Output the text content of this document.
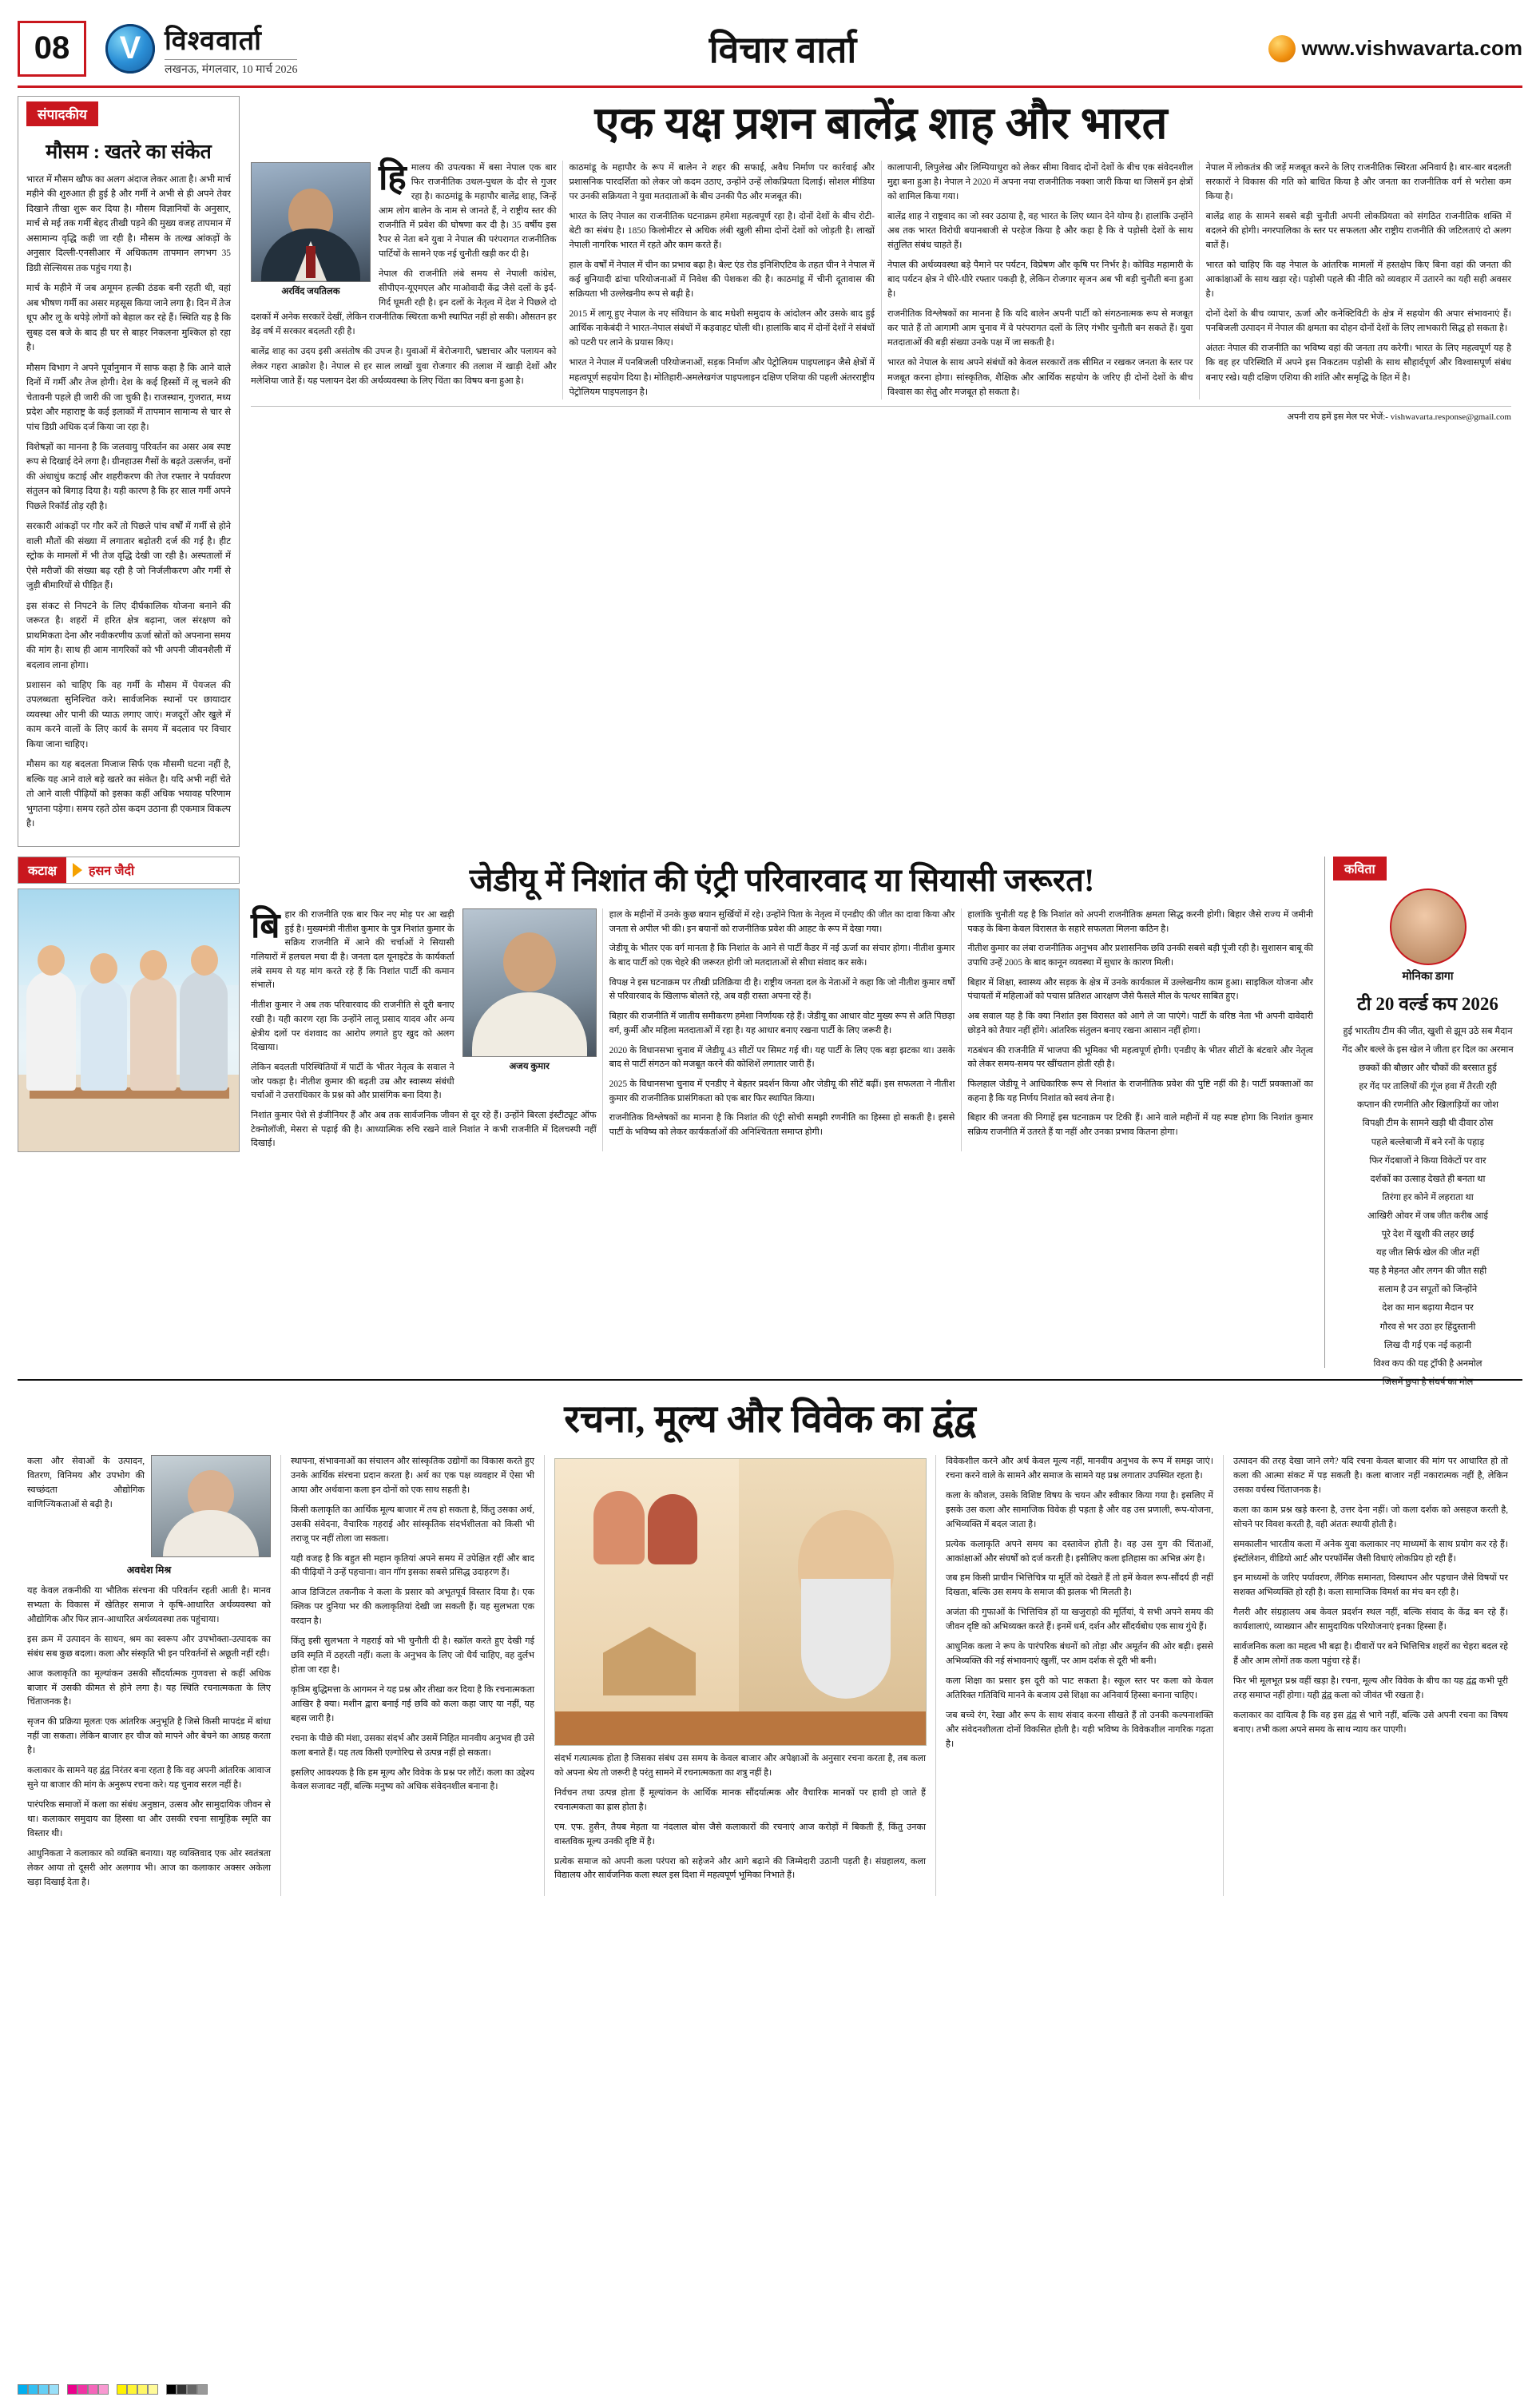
08 V विश्ववार्ता
लखनऊ, मंगलवार, 10 मार्च 2026	विचार वार्ता	www.vishwavarta.com
संपादकीय
मौसम : खतरे का संकेत

भारत में मौसम खौफ का अलग अंदाज लेकर आता है। अभी मार्च महीने की शुरुआत ही हुई है और गर्मी ने अभी से ही अपने तेवर दिखाने तीखा शुरू कर दिया है। मौसम विज्ञानियों के अनुसार, मार्च से मई तक गर्मी बेहद तीखी पड़ने की मुख्य वजह तापमान में असामान्य वृद्धि कही जा रही है। मौसम के तल्ख आंकड़ों के अनुसार दिल्ली-एनसीआर में अधिकतम तापमान लगभग 35 डिग्री सेल्सियस तक पहुंच गया है।

मार्च के महीने में जब अमूमन हल्की ठंडक बनी रहती थी, वहां अब भीषण गर्मी का असर महसूस किया जाने लगा है। दिन में तेज धूप और लू के थपेड़े लोगों को बेहाल कर रहे हैं। स्थिति यह है कि सुबह दस बजे के बाद ही घर से बाहर निकलना मुश्किल हो रहा है।

मौसम विभाग ने अपने पूर्वानुमान में साफ कहा है कि आने वाले दिनों में गर्मी और तेज होगी। देश के कई हिस्सों में लू चलने की चेतावनी पहले ही जारी की जा चुकी है। राजस्थान, गुजरात, मध्य प्रदेश और महाराष्ट्र के कई इलाकों में तापमान सामान्य से चार से पांच डिग्री अधिक दर्ज किया जा रहा है।

विशेषज्ञों का मानना है कि जलवायु परिवर्तन का असर अब स्पष्ट रूप से दिखाई देने लगा है। ग्रीनहाउस गैसों के बढ़ते उत्सर्जन, वनों की अंधाधुंध कटाई और शहरीकरण की तेज रफ्तार ने पर्यावरण संतुलन को बिगाड़ दिया है। यही कारण है कि हर साल गर्मी अपने पिछले रिकॉर्ड तोड़ रही है।

सरकारी आंकड़ों पर गौर करें तो पिछले पांच वर्षों में गर्मी से होने वाली मौतों की संख्या में लगातार बढ़ोतरी दर्ज की गई है। हीट स्ट्रोक के मामलों में भी तेज वृद्धि देखी जा रही है। अस्पतालों में ऐसे मरीजों की संख्या बढ़ रही है जो निर्जलीकरण और गर्मी से जुड़ी बीमारियों से पीड़ित हैं।

इस संकट से निपटने के लिए दीर्घकालिक योजना बनाने की जरूरत है। शहरों में हरित क्षेत्र बढ़ाना, जल संरक्षण को प्राथमिकता देना और नवीकरणीय ऊर्जा स्रोतों को अपनाना समय की मांग है। साथ ही आम नागरिकों को भी अपनी जीवनशैली में बदलाव लाना होगा।

प्रशासन को चाहिए कि वह गर्मी के मौसम में पेयजल की उपलब्धता सुनिश्चित करे। सार्वजनिक स्थानों पर छायादार व्यवस्था और पानी की प्याऊ लगाए जाएं। मजदूरों और खुले में काम करने वालों के लिए कार्य के समय में बदलाव पर विचार किया जाना चाहिए।

मौसम का यह बदलता मिजाज सिर्फ एक मौसमी घटना नहीं है, बल्कि यह आने वाले बड़े खतरे का संकेत है। यदि अभी नहीं चेते तो आने वाली पीढ़ियों को इसका कहीं अधिक भयावह परिणाम भुगतना पड़ेगा। समय रहते ठोस कदम उठाना ही एकमात्र विकल्प है।

एक यक्ष प्रशन बालेंद्र शाह और भारत
अरविंद जयतिलक

हिमालय की उपत्यका में बसा नेपाल एक बार फिर राजनीतिक उथल-पुथल के दौर से गुजर रहा है। काठमांडू के महापौर बालेंद्र शाह, जिन्हें आम लोग बालेन के नाम से जानते हैं, ने राष्ट्रीय स्तर की राजनीति में प्रवेश की घोषणा कर दी है। 35 वर्षीय इस रैपर से नेता बने युवा ने नेपाल की परंपरागत राजनीतिक पार्टियों के सामने एक नई चुनौती खड़ी कर दी है।

नेपाल की राजनीति लंबे समय से नेपाली कांग्रेस, सीपीएन-यूएमएल और माओवादी केंद्र जैसे दलों के इर्द-गिर्द घूमती रही है। इन दलों के नेतृत्व में देश ने पिछले दो दशकों में अनेक सरकारें देखीं, लेकिन राजनीतिक स्थिरता कभी स्थापित नहीं हो सकी। औसतन हर डेढ़ वर्ष में सरकार बदलती रही है।

बालेंद्र शाह का उदय इसी असंतोष की उपज है। युवाओं में बेरोजगारी, भ्रष्टाचार और पलायन को लेकर गहरा आक्रोश है। नेपाल से हर साल लाखों युवा रोजगार की तलाश में खाड़ी देशों और मलेशिया जाते हैं। यह पलायन देश की अर्थव्यवस्था के लिए चिंता का विषय बना हुआ है।

काठमांडू के महापौर के रूप में बालेन ने शहर की सफाई, अवैध निर्माण पर कार्रवाई और प्रशासनिक पारदर्शिता को लेकर जो कदम उठाए, उन्होंने उन्हें लोकप्रियता दिलाई। सोशल मीडिया पर उनकी सक्रियता ने युवा मतदाताओं के बीच उनकी पैठ और मजबूत की।

भारत के लिए नेपाल का राजनीतिक घटनाक्रम हमेशा महत्वपूर्ण रहा है। दोनों देशों के बीच रोटी-बेटी का संबंध है। 1850 किलोमीटर से अधिक लंबी खुली सीमा दोनों देशों को जोड़ती है। लाखों नेपाली नागरिक भारत में रहते और काम करते हैं।

हाल के वर्षों में नेपाल में चीन का प्रभाव बढ़ा है। बेल्ट एंड रोड इनिशिएटिव के तहत चीन ने नेपाल में कई बुनियादी ढांचा परियोजनाओं में निवेश की पेशकश की है। काठमांडू में चीनी दूतावास की सक्रियता भी उल्लेखनीय रूप से बढ़ी है।

2015 में लागू हुए नेपाल के नए संविधान के बाद मधेशी समुदाय के आंदोलन और उसके बाद हुई आर्थिक नाकेबंदी ने भारत-नेपाल संबंधों में कड़वाहट घोली थी। हालांकि बाद में दोनों देशों ने संबंधों को पटरी पर लाने के प्रयास किए।

भारत ने नेपाल में पनबिजली परियोजनाओं, सड़क निर्माण और पेट्रोलियम पाइपलाइन जैसे क्षेत्रों में महत्वपूर्ण सहयोग दिया है। मोतिहारी-अमलेखगंज पाइपलाइन दक्षिण एशिया की पहली अंतरराष्ट्रीय पेट्रोलियम पाइपलाइन है।

कालापानी, लिपुलेख और लिम्पियाधुरा को लेकर सीमा विवाद दोनों देशों के बीच एक संवेदनशील मुद्दा बना हुआ है। नेपाल ने 2020 में अपना नया राजनीतिक नक्शा जारी किया था जिसमें इन क्षेत्रों को शामिल किया गया।

बालेंद्र शाह ने राष्ट्रवाद का जो स्वर उठाया है, वह भारत के लिए ध्यान देने योग्य है। हालांकि उन्होंने अब तक भारत विरोधी बयानबाजी से परहेज किया है और कहा है कि वे पड़ोसी देशों के साथ संतुलित संबंध चाहते हैं।

नेपाल की अर्थव्यवस्था बड़े पैमाने पर पर्यटन, विप्रेषण और कृषि पर निर्भर है। कोविड महामारी के बाद पर्यटन क्षेत्र ने धीरे-धीरे रफ्तार पकड़ी है, लेकिन रोजगार सृजन अब भी बड़ी चुनौती बना हुआ है।

राजनीतिक विश्लेषकों का मानना है कि यदि बालेन अपनी पार्टी को संगठनात्मक रूप से मजबूत कर पाते हैं तो आगामी आम चुनाव में वे परंपरागत दलों के लिए गंभीर चुनौती बन सकते हैं। युवा मतदाताओं की बड़ी संख्या उनके पक्ष में जा सकती है।

भारत को नेपाल के साथ अपने संबंधों को केवल सरकारों तक सीमित न रखकर जनता के स्तर पर मजबूत करना होगा। सांस्कृतिक, शैक्षिक और आर्थिक सहयोग के जरिए ही दोनों देशों के बीच विश्वास का सेतु और मजबूत हो सकता है।

नेपाल में लोकतंत्र की जड़ें मजबूत करने के लिए राजनीतिक स्थिरता अनिवार्य है। बार-बार बदलती सरकारों ने विकास की गति को बाधित किया है और जनता का राजनीतिक वर्ग से भरोसा कम किया है।

बालेंद्र शाह के सामने सबसे बड़ी चुनौती अपनी लोकप्रियता को संगठित राजनीतिक शक्ति में बदलने की होगी। नगरपालिका के स्तर पर सफलता और राष्ट्रीय राजनीति की जटिलताएं दो अलग बातें हैं।

भारत को चाहिए कि वह नेपाल के आंतरिक मामलों में हस्तक्षेप किए बिना वहां की जनता की आकांक्षाओं के साथ खड़ा रहे। पड़ोसी पहले की नीति को व्यवहार में उतारने का यही सही अवसर है।

दोनों देशों के बीच व्यापार, ऊर्जा और कनेक्टिविटी के क्षेत्र में सहयोग की अपार संभावनाएं हैं। पनबिजली उत्पादन में नेपाल की क्षमता का दोहन दोनों देशों के लिए लाभकारी सिद्ध हो सकता है।

अंततः नेपाल की राजनीति का भविष्य वहां की जनता तय करेगी। भारत के लिए महत्वपूर्ण यह है कि वह हर परिस्थिति में अपने इस निकटतम पड़ोसी के साथ सौहार्दपूर्ण और विश्वासपूर्ण संबंध बनाए रखे। यही दक्षिण एशिया की शांति और समृद्धि के हित में है।

अपनी राय हमें इस मेल पर भेजें:- vishwavarta.response@gmail.com
कटाक्ष	हसन जैदी	जेडीयू में निशांत की एंट्री परिवारवाद या सियासी जरूरत!
अजय कुमार

बिहार की राजनीति एक बार फिर नए मोड़ पर आ खड़ी हुई है। मुख्यमंत्री नीतीश कुमार के पुत्र निशांत कुमार के सक्रिय राजनीति में आने की चर्चाओं ने सियासी गलियारों में हलचल मचा दी है। जनता दल यूनाइटेड के कार्यकर्ता लंबे समय से यह मांग करते रहे हैं कि निशांत पार्टी की कमान संभालें।

नीतीश कुमार ने अब तक परिवारवाद की राजनीति से दूरी बनाए रखी है। यही कारण रहा कि उन्होंने लालू प्रसाद यादव और अन्य क्षेत्रीय दलों पर वंशवाद का आरोप लगाते हुए खुद को अलग दिखाया।

लेकिन बदलती परिस्थितियों में पार्टी के भीतर नेतृत्व के सवाल ने जोर पकड़ा है। नीतीश कुमार की बढ़ती उम्र और स्वास्थ्य संबंधी चर्चाओं ने उत्तराधिकार के प्रश्न को और प्रासंगिक बना दिया है।

निशांत कुमार पेशे से इंजीनियर हैं और अब तक सार्वजनिक जीवन से दूर रहे हैं। उन्होंने बिरला इंस्टीट्यूट ऑफ टेक्नोलॉजी, मेसरा से पढ़ाई की है। आध्यात्मिक रुचि रखने वाले निशांत ने कभी राजनीति में दिलचस्पी नहीं दिखाई।

हाल के महीनों में उनके कुछ बयान सुर्खियों में रहे। उन्होंने पिता के नेतृत्व में एनडीए की जीत का दावा किया और जनता से अपील भी की। इन बयानों को राजनीतिक प्रवेश की आहट के रूप में देखा गया।

जेडीयू के भीतर एक वर्ग मानता है कि निशांत के आने से पार्टी कैडर में नई ऊर्जा का संचार होगा। नीतीश कुमार के बाद पार्टी को एक चेहरे की जरूरत होगी जो मतदाताओं से सीधा संवाद कर सके।

विपक्ष ने इस घटनाक्रम पर तीखी प्रतिक्रिया दी है। राष्ट्रीय जनता दल के नेताओं ने कहा कि जो नीतीश कुमार वर्षों से परिवारवाद के खिलाफ बोलते रहे, अब वही रास्ता अपना रहे हैं।

बिहार की राजनीति में जातीय समीकरण हमेशा निर्णायक रहे हैं। जेडीयू का आधार वोट मुख्य रूप से अति पिछड़ा वर्ग, कुर्मी और महिला मतदाताओं में रहा है। यह आधार बनाए रखना पार्टी के लिए जरूरी है।

2020 के विधानसभा चुनाव में जेडीयू 43 सीटों पर सिमट गई थी। यह पार्टी के लिए एक बड़ा झटका था। उसके बाद से पार्टी संगठन को मजबूत करने की कोशिशें लगातार जारी हैं।

2025 के विधानसभा चुनाव में एनडीए ने बेहतर प्रदर्शन किया और जेडीयू की सीटें बढ़ीं। इस सफलता ने नीतीश कुमार की राजनीतिक प्रासंगिकता को एक बार फिर स्थापित किया।

राजनीतिक विश्लेषकों का मानना है कि निशांत की एंट्री सोची समझी रणनीति का हिस्सा हो सकती है। इससे पार्टी के भविष्य को लेकर कार्यकर्ताओं की अनिश्चितता समाप्त होगी।

हालांकि चुनौती यह है कि निशांत को अपनी राजनीतिक क्षमता सिद्ध करनी होगी। बिहार जैसे राज्य में जमीनी पकड़ के बिना केवल विरासत के सहारे सफलता मिलना कठिन है।

नीतीश कुमार का लंबा राजनीतिक अनुभव और प्रशासनिक छवि उनकी सबसे बड़ी पूंजी रही है। सुशासन बाबू की उपाधि उन्हें 2005 के बाद कानून व्यवस्था में सुधार के कारण मिली।

बिहार में शिक्षा, स्वास्थ्य और सड़क के क्षेत्र में उनके कार्यकाल में उल्लेखनीय काम हुआ। साइकिल योजना और पंचायतों में महिलाओं को पचास प्रतिशत आरक्षण जैसे फैसले मील के पत्थर साबित हुए।

अब सवाल यह है कि क्या निशांत इस विरासत को आगे ले जा पाएंगे। पार्टी के वरिष्ठ नेता भी अपनी दावेदारी छोड़ने को तैयार नहीं होंगे। आंतरिक संतुलन बनाए रखना आसान नहीं होगा।

गठबंधन की राजनीति में भाजपा की भूमिका भी महत्वपूर्ण होगी। एनडीए के भीतर सीटों के बंटवारे और नेतृत्व को लेकर समय-समय पर खींचतान होती रही है।

फिलहाल जेडीयू ने आधिकारिक रूप से निशांत के राजनीतिक प्रवेश की पुष्टि नहीं की है। पार्टी प्रवक्ताओं का कहना है कि यह निर्णय निशांत को स्वयं लेना है।

बिहार की जनता की निगाहें इस घटनाक्रम पर टिकी हैं। आने वाले महीनों में यह स्पष्ट होगा कि निशांत कुमार सक्रिय राजनीति में उतरते हैं या नहीं और उनका प्रभाव कितना होगा।

कविता
मोनिका डागा
टी 20 वर्ल्ड कप 2026
हुई भारतीय टीम की जीत, खुशी से झूम उठे सब मैदान
गेंद और बल्ले के इस खेल ने जीता हर दिल का अरमान
छक्कों की बौछार और चौकों की बरसात हुई
हर गेंद पर तालियों की गूंज हवा में तैरती रही
कप्तान की रणनीति और खिलाड़ियों का जोश
विपक्षी टीम के सामने खड़ी थी दीवार ठोस
पहले बल्लेबाजी में बने रनों के पहाड़
फिर गेंदबाजों ने किया विकेटों पर वार
दर्शकों का उत्साह देखते ही बनता था
तिरंगा हर कोने में लहराता था
आखिरी ओवर में जब जीत करीब आई
पूरे देश में खुशी की लहर छाई
यह जीत सिर्फ खेल की जीत नहीं
यह है मेहनत और लगन की जीत सही
सलाम है उन सपूतों को जिन्होंने
देश का मान बढ़ाया मैदान पर
गौरव से भर उठा हर हिंदुस्तानी
लिख दी गई एक नई कहानी
विश्व कप की यह ट्रॉफी है अनमोल
जिसमें छुपा है संघर्ष का मोल
रचना, मूल्य और विवेक का द्वंद्व

कला और सेवाओं के उत्पादन, वितरण, विनिमय और उपभोग की स्वच्छंदता औद्योगिक वाणिज्यिकताओं से बढ़ी है।

अवधेश मिश्र

यह केवल तकनीकी या भौतिक संरचना की परिवर्तन रहती आती है। मानव सभ्यता के विकास में खेतिहर समाज ने कृषि-आधारित अर्थव्यवस्था को औद्योगिक और फिर ज्ञान-आधारित अर्थव्यवस्था तक पहुंचाया।

इस क्रम में उत्पादन के साधन, श्रम का स्वरूप और उपभोक्ता-उत्पादक का संबंध सब कुछ बदला। कला और संस्कृति भी इन परिवर्तनों से अछूती नहीं रही।

आज कलाकृति का मूल्यांकन उसकी सौंदर्यात्मक गुणवत्ता से कहीं अधिक बाजार में उसकी कीमत से होने लगा है। यह स्थिति रचनात्मकता के लिए चिंताजनक है।

सृजन की प्रक्रिया मूलतः एक आंतरिक अनुभूति है जिसे किसी मापदंड में बांधा नहीं जा सकता। लेकिन बाजार हर चीज को मापने और बेचने का आग्रह करता है।

कलाकार के सामने यह द्वंद्व निरंतर बना रहता है कि वह अपनी आंतरिक आवाज सुने या बाजार की मांग के अनुरूप रचना करे। यह चुनाव सरल नहीं है।

पारंपरिक समाजों में कला का संबंध अनुष्ठान, उत्सव और सामुदायिक जीवन से था। कलाकार समुदाय का हिस्सा था और उसकी रचना सामूहिक स्मृति का विस्तार थी।

आधुनिकता ने कलाकार को व्यक्ति बनाया। यह व्यक्तिवाद एक ओर स्वतंत्रता लेकर आया तो दूसरी ओर अलगाव भी। आज का कलाकार अक्सर अकेला खड़ा दिखाई देता है।

स्थापना, संभावनाओं का संचालन और सांस्कृतिक उद्योगों का विकास करते हुए उनके आर्थिक संरचना प्रदान करता है। अर्थ का एक पक्ष व्यवहार में ऐसा भी आया और अर्थवाना कला इन दोनों को एक साथ सहती है।

किसी कलाकृति का आर्थिक मूल्य बाजार में तय हो सकता है, किंतु उसका अर्थ, उसकी संवेदना, वैचारिक गहराई और सांस्कृतिक संदर्भशीलता को किसी भी तराजू पर नहीं तोला जा सकता।

यही वजह है कि बहुत सी महान कृतियां अपने समय में उपेक्षित रहीं और बाद की पीढ़ियों ने उन्हें पहचाना। वान गॉग इसका सबसे प्रसिद्ध उदाहरण हैं।

आज डिजिटल तकनीक ने कला के प्रसार को अभूतपूर्व विस्तार दिया है। एक क्लिक पर दुनिया भर की कलाकृतियां देखी जा सकती हैं। यह सुलभता एक वरदान है।

किंतु इसी सुलभता ने गहराई को भी चुनौती दी है। स्क्रॉल करते हुए देखी गई छवि स्मृति में ठहरती नहीं। कला के अनुभव के लिए जो धैर्य चाहिए, वह दुर्लभ होता जा रहा है।

कृत्रिम बुद्धिमत्ता के आगमन ने यह प्रश्न और तीखा कर दिया है कि रचनात्मकता आखिर है क्या। मशीन द्वारा बनाई गई छवि को कला कहा जाए या नहीं, यह बहस जारी है।

रचना के पीछे की मंशा, उसका संदर्भ और उसमें निहित मानवीय अनुभव ही उसे कला बनाते हैं। यह तत्व किसी एल्गोरिद्म से उत्पन्न नहीं हो सकता।

इसलिए आवश्यक है कि हम मूल्य और विवेक के प्रश्न पर लौटें। कला का उद्देश्य केवल सजावट नहीं, बल्कि मनुष्य को अधिक संवेदनशील बनाना है।

संदर्भ गत्यात्मक होता है जिसका संबंध उस समय के केवल बाजार और अपेक्षाओं के अनुसार रचना करता है, तब कला को अपना श्रेय तो जरूरी है परंतु सामने में रचनात्मकता का शत्रु नहीं है।

निर्वचन तथा उत्पन्न होता हैं मूल्यांकन के आर्थिक मानक सौंदर्यात्मक और वैचारिक मानकों पर हावी हो जाते हैं रचनात्मकता का ह्रास होता है।

एम. एफ. हुसैन, तैयब मेहता या नंदलाल बोस जैसे कलाकारों की रचनाएं आज करोड़ों में बिकती हैं, किंतु उनका वास्तविक मूल्य उनकी दृष्टि में है।

प्रत्येक समाज को अपनी कला परंपरा को सहेजने और आगे बढ़ाने की जिम्मेदारी उठानी पड़ती है। संग्रहालय, कला विद्यालय और सार्वजनिक कला स्थल इस दिशा में महत्वपूर्ण भूमिका निभाते हैं।

विवेकशील करने और अर्थ केवल मूल्य नहीं, मानवीय अनुभव के रूप में समझ जाएं। रचना करने वाले के सामने और समाज के सामने यह प्रश्न लगातार उपस्थित रहता है।

कला के कौशल, उसके विशिष्ट विषय के चयन और स्वीकार किया गया है। इसलिए में इसके उस कला और सामाजिक विवेक ही पड़ता है और वह उस प्रणाली, रूप-योजना, अभिव्यक्ति में बदल जाता है।

प्रत्येक कलाकृति अपने समय का दस्तावेज होती है। वह उस युग की चिंताओं, आकांक्षाओं और संघर्षों को दर्ज करती है। इसीलिए कला इतिहास का अभिन्न अंग है।

जब हम किसी प्राचीन भित्तिचित्र या मूर्ति को देखते हैं तो हमें केवल रूप-सौंदर्य ही नहीं दिखता, बल्कि उस समय के समाज की झलक भी मिलती है।

अजंता की गुफाओं के भित्तिचित्र हों या खजुराहो की मूर्तियां, ये सभी अपने समय की जीवन दृष्टि को अभिव्यक्त करते हैं। इनमें धर्म, दर्शन और सौंदर्यबोध एक साथ गुंथे हैं।

आधुनिक कला ने रूप के पारंपरिक बंधनों को तोड़ा और अमूर्तन की ओर बढ़ी। इससे अभिव्यक्ति की नई संभावनाएं खुलीं, पर आम दर्शक से दूरी भी बनी।

कला शिक्षा का प्रसार इस दूरी को पाट सकता है। स्कूल स्तर पर कला को केवल अतिरिक्त गतिविधि मानने के बजाय उसे शिक्षा का अनिवार्य हिस्सा बनाना चाहिए।

जब बच्चे रंग, रेखा और रूप के साथ संवाद करना सीखते हैं तो उनकी कल्पनाशक्ति और संवेदनशीलता दोनों विकसित होती है। यही भविष्य के विवेकशील नागरिक गढ़ता है।

उत्पादन की तरह देखा जाने लगे? यदि रचना केवल बाजार की मांग पर आधारित हो तो कला की आत्मा संकट में पड़ सकती है। कला बाजार नहीं नकारात्मक नहीं है, लेकिन उसका वर्चस्व चिंताजनक है।

कला का काम प्रश्न खड़े करना है, उत्तर देना नहीं। जो कला दर्शक को असहज करती है, सोचने पर विवश करती है, वही अंततः स्थायी होती है।

समकालीन भारतीय कला में अनेक युवा कलाकार नए माध्यमों के साथ प्रयोग कर रहे हैं। इंस्टॉलेशन, वीडियो आर्ट और परफॉर्मेंस जैसी विधाएं लोकप्रिय हो रही हैं।

इन माध्यमों के जरिए पर्यावरण, लैंगिक समानता, विस्थापन और पहचान जैसे विषयों पर सशक्त अभिव्यक्ति हो रही है। कला सामाजिक विमर्श का मंच बन रही है।

गैलरी और संग्रहालय अब केवल प्रदर्शन स्थल नहीं, बल्कि संवाद के केंद्र बन रहे हैं। कार्यशालाएं, व्याख्यान और सामुदायिक परियोजनाएं इनका हिस्सा हैं।

सार्वजनिक कला का महत्व भी बढ़ा है। दीवारों पर बने भित्तिचित्र शहरों का चेहरा बदल रहे हैं और आम लोगों तक कला पहुंचा रहे हैं।

फिर भी मूलभूत प्रश्न वहीं खड़ा है। रचना, मूल्य और विवेक के बीच का यह द्वंद्व कभी पूरी तरह समाप्त नहीं होगा। यही द्वंद्व कला को जीवंत भी रखता है।

कलाकार का दायित्व है कि वह इस द्वंद्व से भागे नहीं, बल्कि उसे अपनी रचना का विषय बनाए। तभी कला अपने समय के साथ न्याय कर पाएगी।
